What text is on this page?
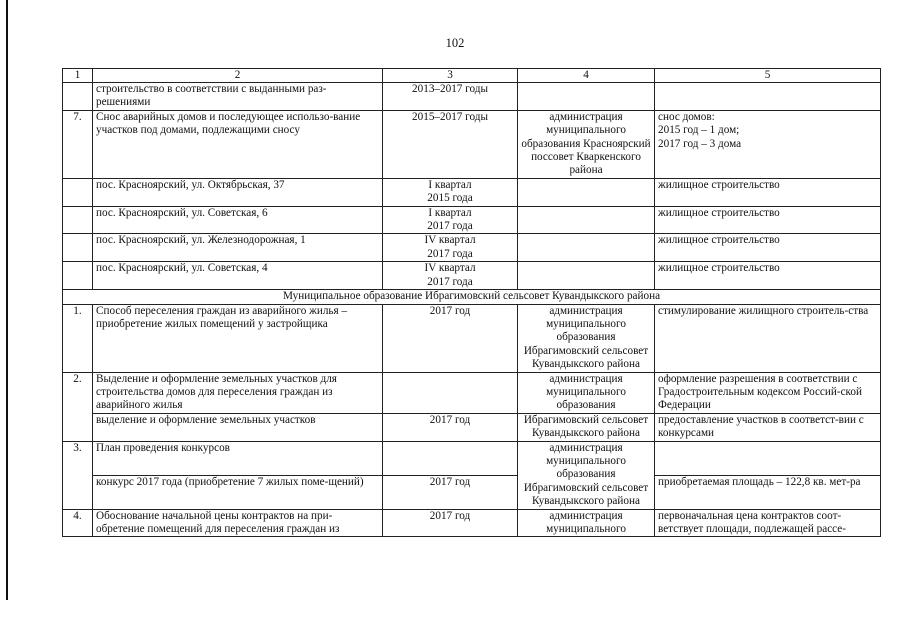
102
1	2	3	4	5
	строительство в соответствии с выданными раз-решениями	2013–2017 годы		
7.	Снос аварийных домов и последующее использо-вание участков под домами, подлежащими сносу	2015–2017 годы	администрация муниципального образования Красноярский поссовет Кваркенского района	снос домов:
2015 год – 1 дом;
2017 год – 3 дома
	пос. Красноярский, ул. Октябрьская, 37	I квартал
2015 года		жилищное строительство
	пос. Красноярский, ул. Советская, 6	I квартал
2017 года		жилищное строительство
	пос. Красноярский, ул. Железнодорожная, 1	IV квартал
2017 года		жилищное строительство
	пос. Красноярский, ул. Советская, 4	IV квартал
2017 года		жилищное строительство
Муниципальное образование Ибрагимовский сельсовет Кувандыкского района				
1.	Способ переселения граждан из аварийного жилья – приобретение жилых помещений у застройщика	2017 год	администрация муниципального образования Ибрагимовский сельсовет Кувандыкского района	стимулирование жилищного строитель-ства
2.	Выделение и оформление земельных участков для строительства домов для переселения граждан из аварийного жилья		администрация муниципального образования	оформление разрешения в соответствии с Градостроительным кодексом Россий-ской Федерации
	выделение и оформление земельных участков	2017 год	Ибрагимовский сельсовет Кувандыкского района	предоставление участков в соответст-вии с конкурсами
3.	План проведения конкурсов		администрация муниципального образования Ибрагимовский сельсовет Кувандыкского района	
	конкурс 2017 года (приобретение 7 жилых поме-щений)	2017 год		приобретаемая площадь – 122,8 кв. мет-ра
4.	Обоснование начальной цены контрактов на при-обретение помещений для переселения граждан из	2017 год	администрация муниципального	первоначальная цена контрактов соот-ветствует площади, подлежащей рассе-
